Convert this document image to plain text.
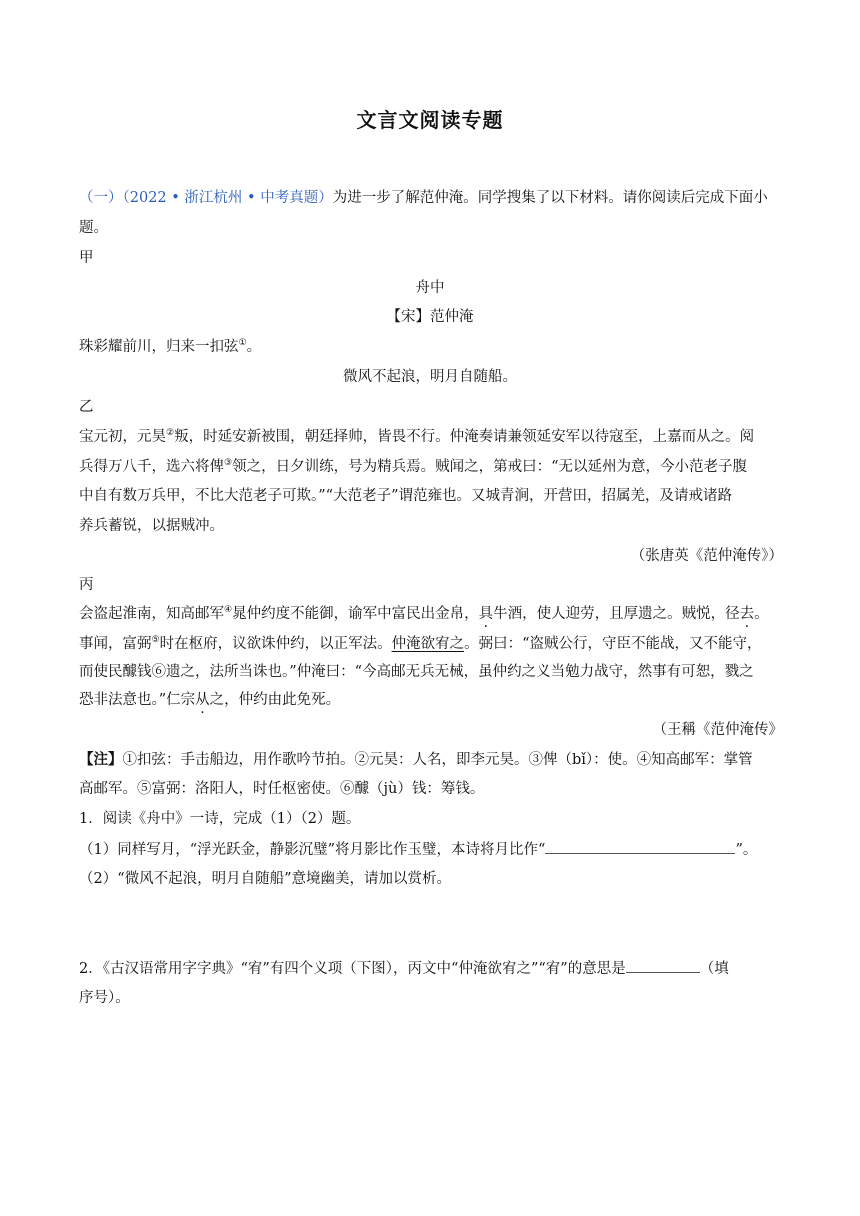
文言文阅读专题
（一）（2022 • 浙江杭州 • 中考真题）为进一步了解范仲淹。同学搜集了以下材料。请你阅读后完成下面小
题。
甲
舟中
【宋】范仲淹
珠彩耀前川，归来一扣弦①。
微风不起浪，明月自随船。
乙
宝元初，元昊②叛，时延安新被围，朝廷择帅，皆畏不行。仲淹奏请兼领延安军以待寇至，上嘉而从之。阅
兵得万八千，选六将俾③领之，日夕训练，号为精兵焉。贼闻之，第戒曰：“无以延州为意，今小范老子腹
中自有数万兵甲，不比大范老子可欺。”“大范老子”谓范雍也。又城青涧，开营田，招属羌，及请戒诸路
养兵蓄锐，以据贼冲。
（张唐英《范仲淹传》）
丙
会盗起淮南，知高邮军④晁仲约度不能御，谕军中富民出金帛，具牛酒，使人迎劳，且厚遗之。贼悦，径去。
事闻，富弼⑤时在枢府，议欲诛仲约，以正军法。仲淹欲宥之。弼曰：“盗贼公行，守臣不能战，又不能守，
而使民醵钱⑥遗之，法所当诛也。”仲淹曰：“今高邮无兵无械，虽仲约之义当勉力战守，然事有可恕，戮之
恐非法意也。”仁宗从之，仲约由此免死。
（王稱《范仲淹传》
【注】①扣弦：手击船边，用作歌吟节拍。②元昊：人名，即李元昊。③俾（bǐ）：使。④知高邮军：掌管
高邮军。⑤富弼：洛阳人，时任枢密使。⑥醵（jù）钱：筹钱。
1．阅读《舟中》一诗，完成（1）（2）题。
（1）同样写月，“浮光跃金，静影沉璧”将月影比作玉璧，本诗将月比作“	”。
（2）“微风不起浪，明月自随船”意境幽美，请加以赏析。
2．《古汉语常用字字典》“宥”有四个义项（下图），丙文中“仲淹欲宥之”“宥”的意思是	（填
序号）。
